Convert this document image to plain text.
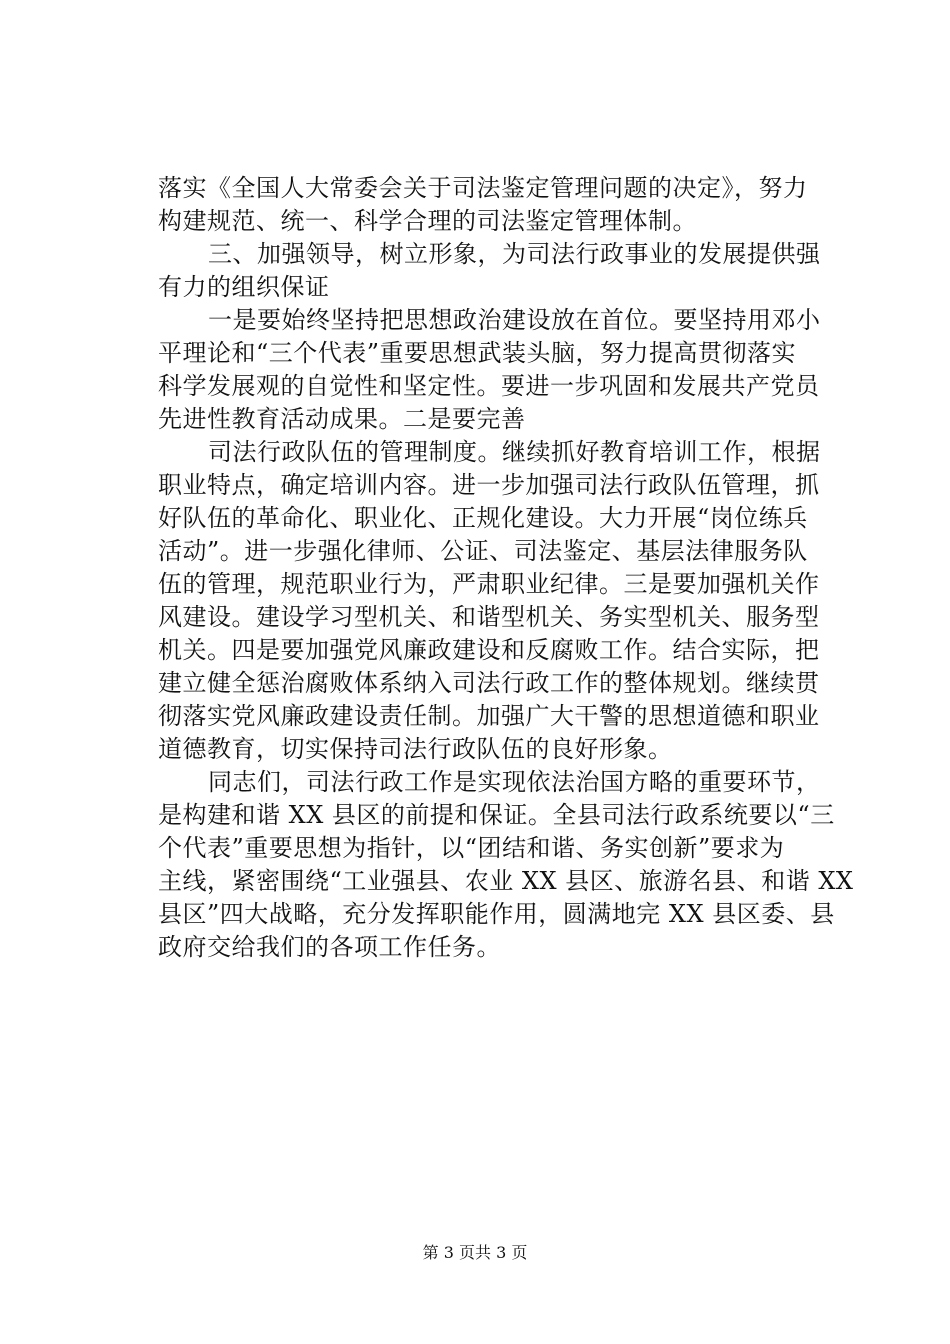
落实《全国人大常委会关于司法鉴定管理问题的决定》，努力
构建规范、统一、科学合理的司法鉴定管理体制。
三、加强领导，树立形象，为司法行政事业的发展提供强
有力的组织保证
一是要始终坚持把思想政治建设放在首位。要坚持用邓小
平理论和“三个代表”重要思想武装头脑，努力提高贯彻落实
科学发展观的自觉性和坚定性。要进一步巩固和发展共产党员
先进性教育活动成果。二是要完善
司法行政队伍的管理制度。继续抓好教育培训工作，根据
职业特点，确定培训内容。进一步加强司法行政队伍管理，抓
好队伍的革命化、职业化、正规化建设。大力开展“岗位练兵
活动”。进一步强化律师、公证、司法鉴定、基层法律服务队
伍的管理，规范职业行为，严肃职业纪律。三是要加强机关作
风建设。建设学习型机关、和谐型机关、务实型机关、服务型
机关。四是要加强党风廉政建设和反腐败工作。结合实际，把
建立健全惩治腐败体系纳入司法行政工作的整体规划。继续贯
彻落实党风廉政建设责任制。加强广大干警的思想道德和职业
道德教育，切实保持司法行政队伍的良好形象。
同志们，司法行政工作是实现依法治国方略的重要环节，
是构建和谐 XX 县区的前提和保证。全县司法行政系统要以“三
个代表”重要思想为指针，以“团结和谐、务实创新”要求为
主线，紧密围绕“工业强县、农业 XX 县区、旅游名县、和谐 XX
县区”四大战略，充分发挥职能作用，圆满地完 XX 县区委、县
政府交给我们的各项工作任务。
第 3 页共 3 页
